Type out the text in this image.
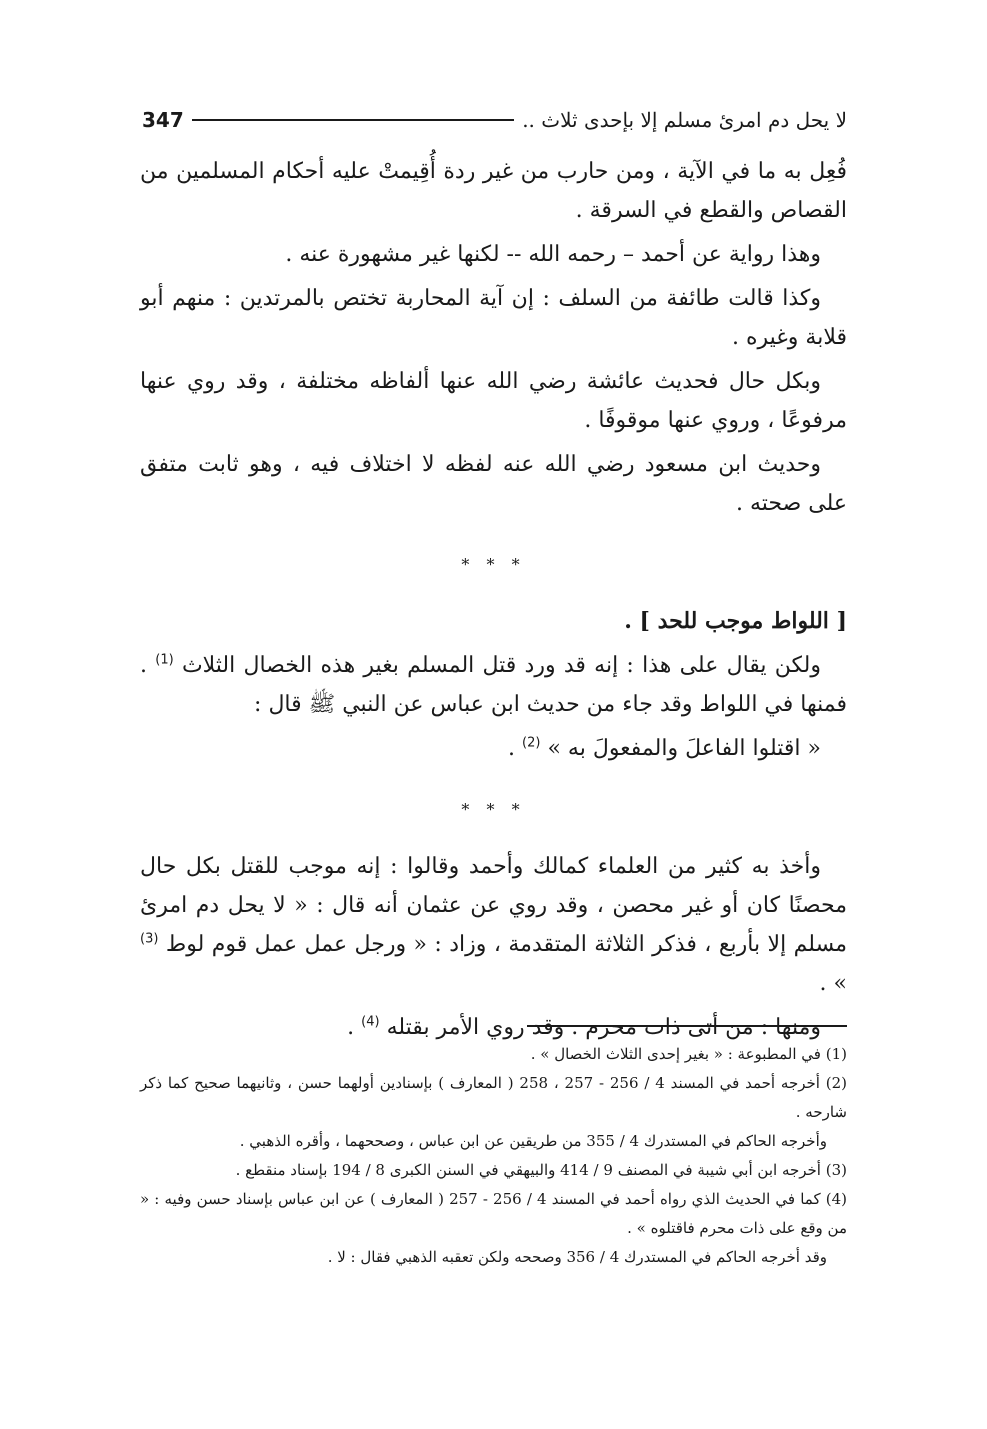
لا يحل دم امرئ مسلم إلا بإحدى ثلاث ..
347

فُعِل به ما في الآية ، ومن حارب من غير ردة أُقِيمتْ عليه أحكام المسلمين من القصاص والقطع في السرقة .

وهذا رواية عن أحمد – رحمه الله -- لكنها غير مشهورة عنه .

وكذا قالت طائفة من السلف : إن آية المحاربة تختص بالمرتدين : منهم أبو قلابة وغيره .

وبكل حال فحديث عائشة رضي الله عنها ألفاظه مختلفة ، وقد روي عنها مرفوعًا ، وروي عنها موقوفًا .

وحديث ابن مسعود رضي الله عنه لفظه لا اختلاف فيه ، وهو ثابت متفق على صحته .

* * *

[ اللواط موجب للحد ] .

ولكن يقال على هذا : إنه قد ورد قتل المسلم بغير هذه الخصال الثلاث $^{(1)}$ . فمنها في اللواط وقد جاء من حديث ابن عباس عن النبي ﷺ قال :

« اقتلوا الفاعلَ والمفعولَ به » $^{(2)}$ .

* * *

وأخذ به كثير من العلماء كمالك وأحمد وقالوا : إنه موجب للقتل بكل حال محصنًا كان أو غير محصن ، وقد روي عن عثمان أنه قال : « لا يحل دم امرئ مسلم إلا بأربع ، فذكر الثلاثة المتقدمة ، وزاد : « ورجل عمل عمل قوم لوط $^{(3)}$ » .

ومنها : من أتى ذات محرم . وقد روي الأمر بقتله $^{(4)}$ .

(1) في المطبوعة : « بغير إحدى الثلاث الخصال » .

(2) أخرجه أحمد في المسند 4 / 256 - 257 ، 258 ( المعارف ) بإسنادين أولهما حسن ، وثانيهما صحيح كما ذكر شارحه .

وأخرجه الحاكم في المستدرك 4 / 355 من طريقين عن ابن عباس ، وصححهما ، وأقره الذهبي .

(3) أخرجه ابن أبي شيبة في المصنف 9 / 414 والبيهقي في السنن الكبرى 8 / 194 بإسناد منقطع .

(4) كما في الحديث الذي رواه أحمد في المسند 4 / 256 - 257 ( المعارف ) عن ابن عباس بإسناد حسن وفيه : « من وقع على ذات محرم فاقتلوه » .

وقد أخرجه الحاكم في المستدرك 4 / 356 وصححه ولكن تعقبه الذهبي فقال : لا .
